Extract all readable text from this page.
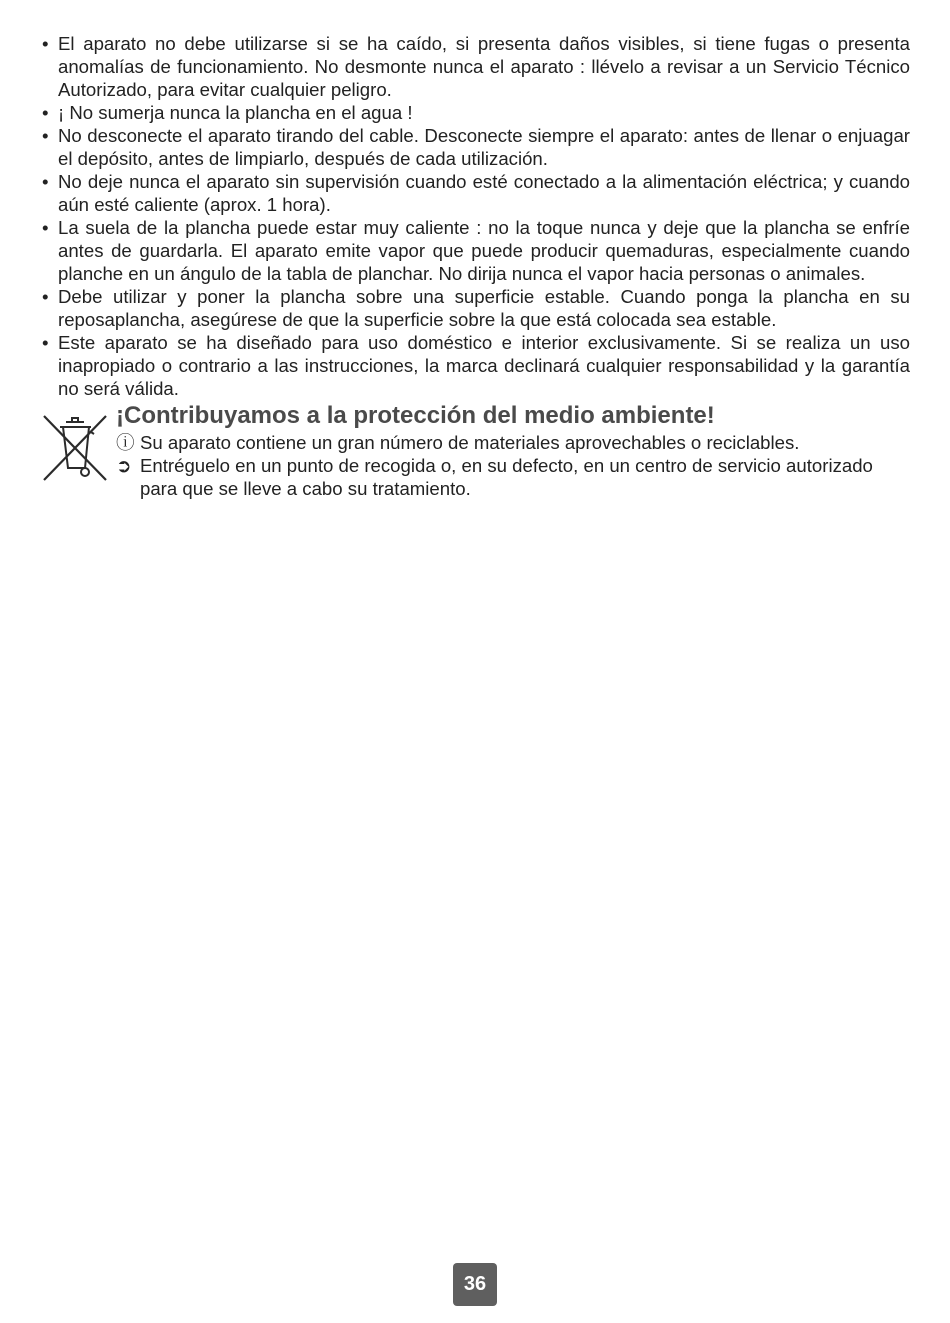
• El aparato no debe utilizarse si se ha caído, si presenta daños visibles, si tiene fugas o presenta anomalías de funcionamiento. No desmonte nunca el aparato : llévelo a revisar a un Servicio Técnico Autorizado, para evitar cualquier peligro.
• ¡ No sumerja nunca la plancha en el agua !
• No desconecte el aparato tirando del cable. Desconecte siempre el aparato: antes de llenar o enjuagar el depósito, antes de limpiarlo, después de cada utilización.
• No deje nunca el aparato sin supervisión cuando esté conectado a la alimentación eléctrica; y cuando aún esté caliente (aprox. 1 hora).
• La suela de la plancha puede estar muy caliente : no la toque nunca y deje que la plancha se enfríe antes de guardarla. El aparato emite vapor que puede producir quemaduras, especialmente cuando planche en un ángulo de la tabla de planchar. No dirija nunca el vapor hacia personas o animales.
• Debe utilizar y poner la plancha sobre una superficie estable. Cuando ponga la plancha en su reposaplancha, asegúrese de que la superficie sobre la que está colocada sea estable.
• Este aparato se ha diseñado para uso doméstico e interior exclusivamente. Si se realiza un uso inapropiado o contrario a las instrucciones, la marca declinará cualquier responsabilidad y la garantía no será válida.
¡Contribuyamos a la protección del medio ambiente!
ⓘ Su aparato contiene un gran número de materiales aprovechables o reciclables.
➲ Entréguelo en un punto de recogida o, en su defecto, en un centro de servicio autorizado para que se lleve a cabo su tratamiento.
36
